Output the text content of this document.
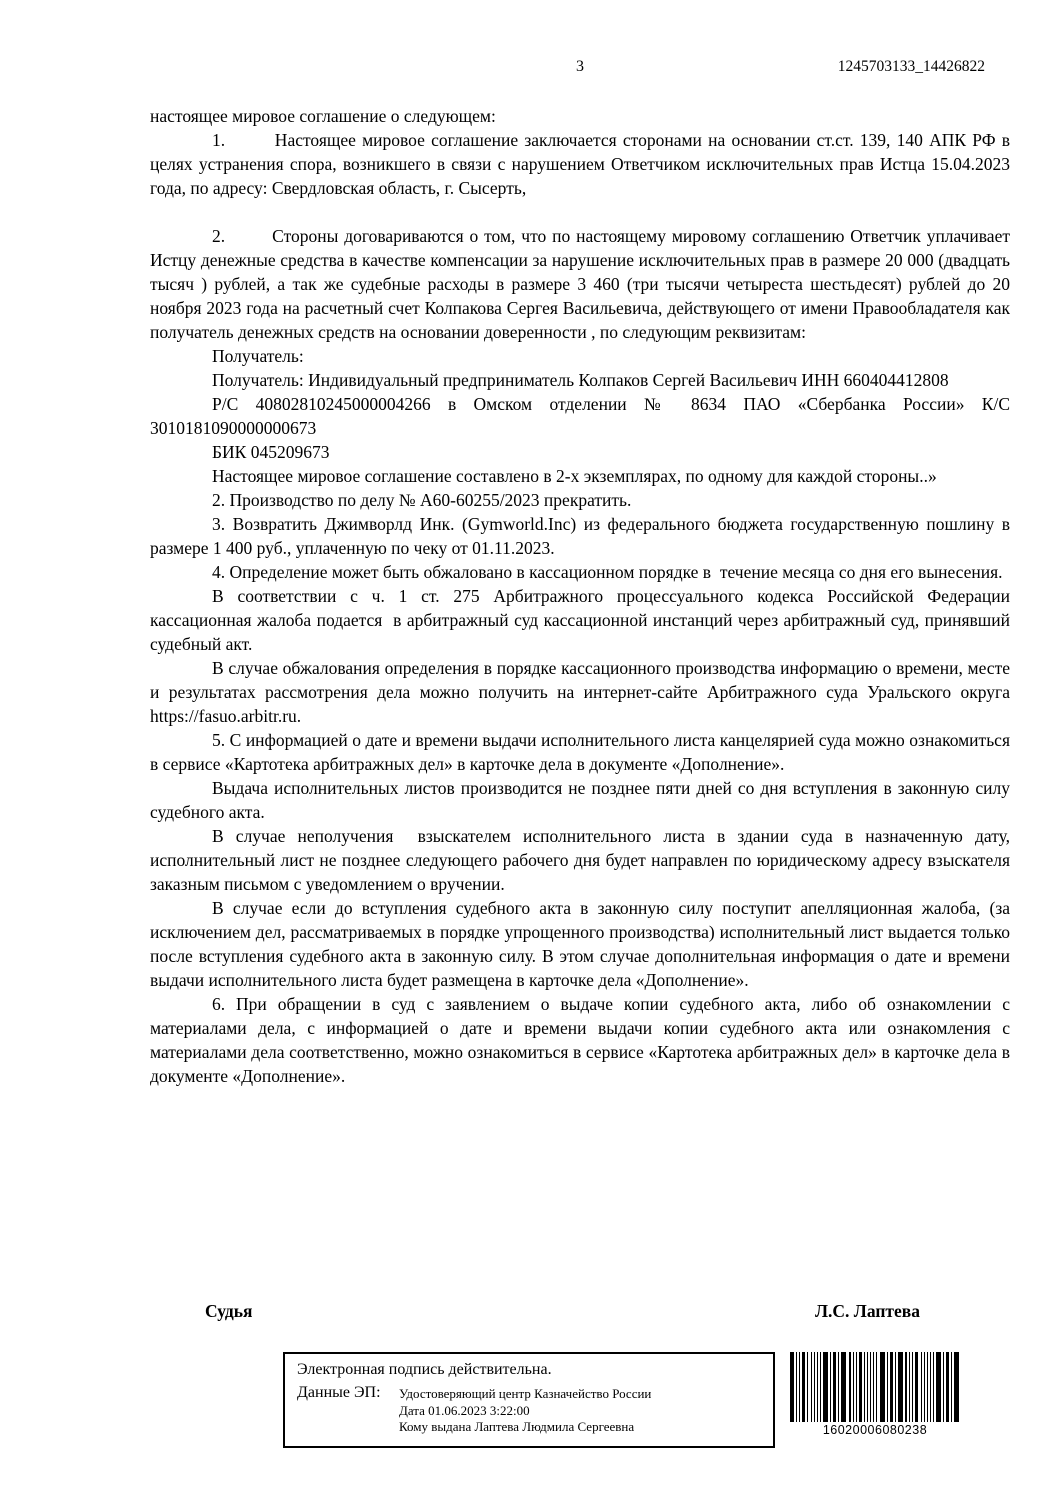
3	1245703133_14426822

настоящее мировое соглашение о следующем:

1.        Настоящее мировое соглашение заключается сторонами на основании ст.ст. 139, 140 АПК РФ в целях устранения спора, возникшего в связи с нарушением Ответчиком исключительных прав Истца 15.04.2023 года, по адресу: Свердловская область, г. Сысерть,

2.        Стороны договариваются о том, что по настоящему мировому соглашению Ответчик уплачивает Истцу денежные средства в качестве компенсации за нарушение исключительных прав в размере 20 000 (двадцать тысяч ) рублей, а так же судебные расходы в размере 3 460 (три тысячи четыреста шестьдесят) рублей до 20 ноября 2023 года на расчетный счет Колпакова Сергея Васильевича, действующего от имени Правообладателя как получатель денежных средств на основании доверенности , по следующим реквизитам:

Получатель:

Получатель: Индивидуальный предприниматель Колпаков Сергей Васильевич ИНН 660404412808

Р/С 40802810245000004266 в Омском отделении № 8634 ПАО «Сбербанка России» К/С 3010181090000000673

БИК 045209673

Настоящее мировое соглашение составлено в 2-х экземплярах, по одному для каждой стороны..»

2. Производство по делу № А60-60255/2023 прекратить.

3. Возвратить Джимворлд Инк. (Gymworld.Inc) из федерального бюджета государственную пошлину в размере 1 400 руб., уплаченную по чеку от 01.11.2023.

4. Определение может быть обжаловано в кассационном порядке в  течение месяца со дня его вынесения.

В соответствии с ч. 1 ст. 275 Арбитражного процессуального кодекса Российской Федерации кассационная жалоба подается  в арбитражный суд кассационной инстанций через арбитражный суд, принявший судебный акт.

В случае обжалования определения в порядке кассационного производства информацию о времени, месте и результатах рассмотрения дела можно получить на интернет-сайте Арбитражного суда Уральского округа https://fasuo.arbitr.ru.

5. С информацией о дате и времени выдачи исполнительного листа канцелярией суда можно ознакомиться в сервисе «Картотека арбитражных дел» в карточке дела в документе «Дополнение».

Выдача исполнительных листов производится не позднее пяти дней со дня вступления в законную силу судебного акта.

В случае неполучения  взыскателем исполнительного листа в здании суда в назначенную дату, исполнительный лист не позднее следующего рабочего дня будет направлен по юридическому адресу взыскателя заказным письмом с уведомлением о вручении.

В случае если до вступления судебного акта в законную силу поступит апелляционная жалоба, (за исключением дел, рассматриваемых в порядке упрощенного производства) исполнительный лист выдается только после вступления судебного акта в законную силу. В этом случае дополнительная информация о дате и времени выдачи исполнительного листа будет размещена в карточке дела «Дополнение».

6. При обращении в суд с заявлением о выдаче копии судебного акта, либо об ознакомлении с материалами дела, с информацией о дате и времени выдачи копии судебного акта или ознакомления с материалами дела соответственно, можно ознакомиться в сервисе «Картотека арбитражных дел» в карточке дела в документе «Дополнение».

Судья	Л.С. Лаптева
Электронная подпись действительна.
Данные ЭП:	Удостоверяющий центр Казначейство России
Дата 01.06.2023 3:22:00
Кому выдана Лаптева Людмила Сергеевна	16020006080238
